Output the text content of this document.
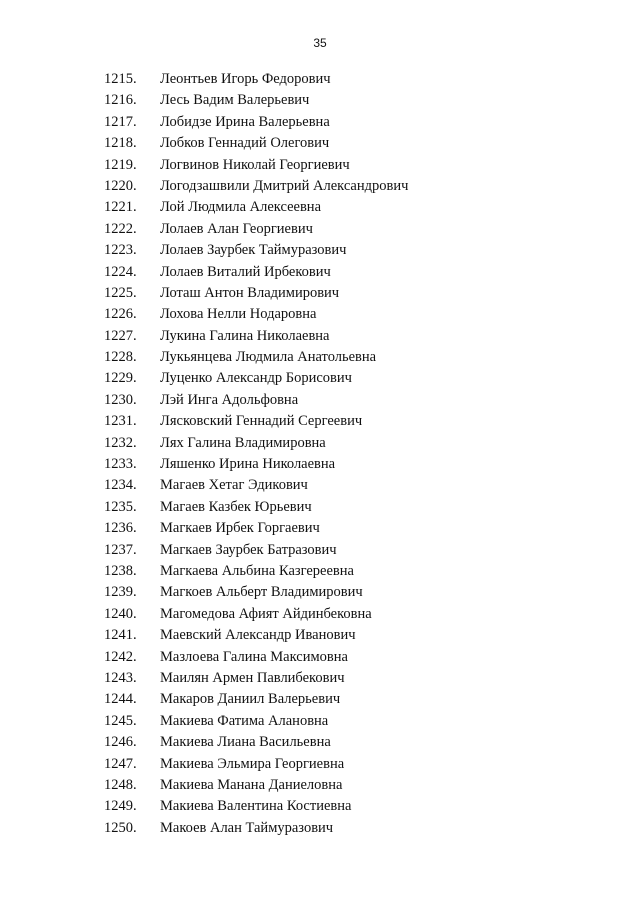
35
1215. Леонтьев Игорь Федорович
1216. Лесь Вадим Валерьевич
1217. Лобидзе Ирина Валерьевна
1218. Лобков Геннадий Олегович
1219. Логвинов Николай Георгиевич
1220. Логодзашвили Дмитрий Александрович
1221. Лой Людмила Алексеевна
1222. Лолаев Алан Георгиевич
1223. Лолаев Заурбек Таймуразович
1224. Лолаев Виталий Ирбекович
1225. Лоташ Антон Владимирович
1226. Лохова Нелли Нодаровна
1227. Лукина Галина Николаевна
1228. Лукьянцева Людмила Анатольевна
1229. Луценко Александр Борисович
1230. Лэй Инга Адольфовна
1231. Лясковский Геннадий Сергеевич
1232. Лях Галина Владимировна
1233. Ляшенко Ирина Николаевна
1234. Магаев Хетаг Эдикович
1235. Магаев Казбек Юрьевич
1236. Магкаев Ирбек Горгаевич
1237. Магкаев Заурбек Батразович
1238. Магкаева Альбина Казгереевна
1239. Магкоев Альберт Владимирович
1240. Магомедова Афият Айдинбековна
1241. Маевский Александр Иванович
1242. Мазлоева Галина Максимовна
1243. Маилян Армен Павлибекович
1244. Макаров Даниил Валерьевич
1245. Макиева Фатима Алановна
1246. Макиева Лиана Васильевна
1247. Макиева Эльмира Георгиевна
1248. Макиева Манана Даниеловна
1249. Макиева Валентина Костиевна
1250. Макоев Алан Таймуразович
